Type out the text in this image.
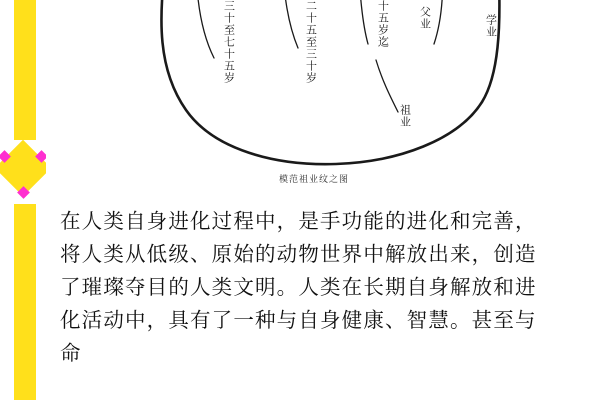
三十至七十五岁	二十五至三十岁	十五岁迄	父业	学业
祖业
模范祖业纹之图

在人类自身进化过程中，是手功能的进化和完善，将人类从低级、原始的动物世界中解放出来，创造了璀璨夺目的人类文明。人类在长期自身解放和进化活动中，具有了一种与自身健康、智慧。甚至与命
